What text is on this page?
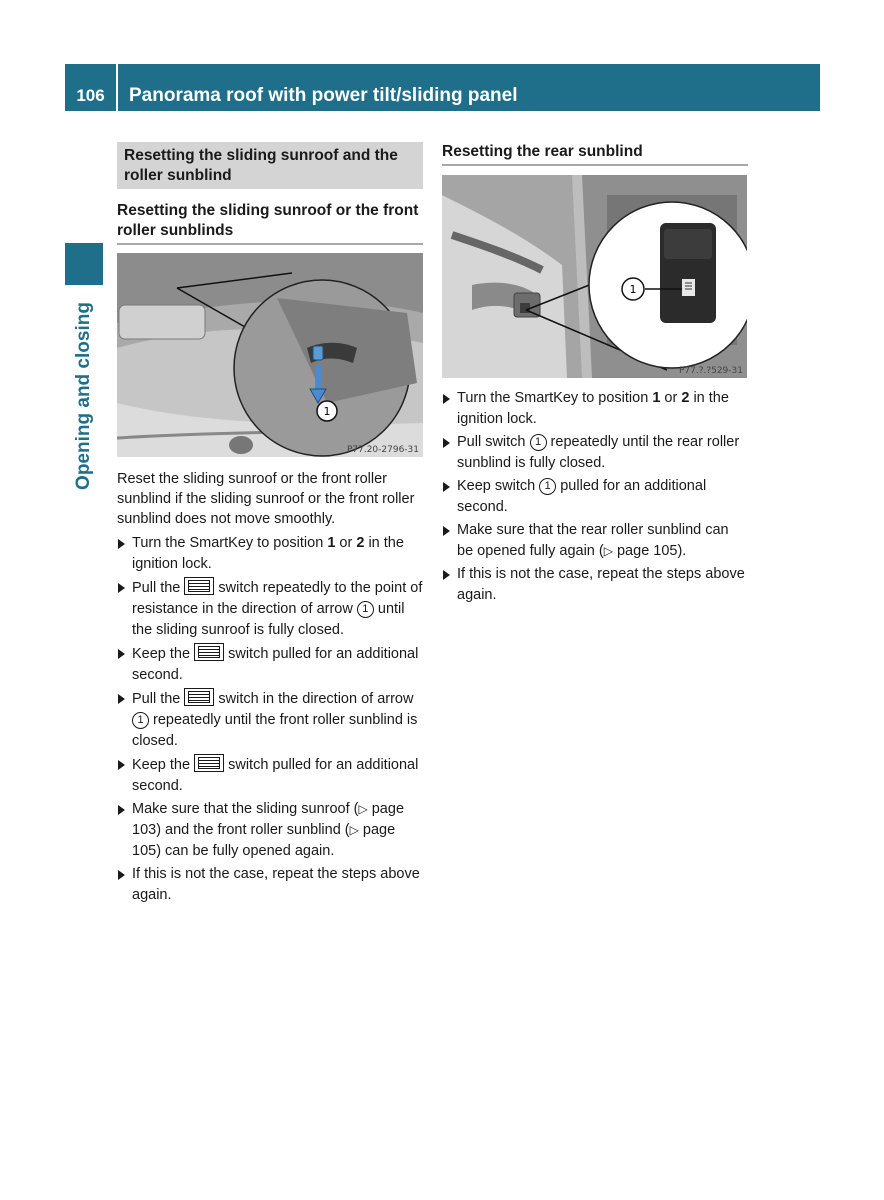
106	Panorama roof with power tilt/sliding panel
Opening and closing
Resetting the sliding sunroof and the roller sunblind
Resetting the sliding sunroof or the front roller sunblinds
1
P77.20-2796-31

Reset the sliding sunroof or the front roller sunblind if the sliding sunroof or the front roller sunblind does not move smoothly.

Turn the SmartKey to position 1 or 2 in the ignition lock.
Pull the
switch repeatedly to the point of resistance in the direction of arrow 1 until the sliding sunroof is fully closed.
Keep the
switch pulled for an additional second.
Pull the
switch in the direction of arrow 1 repeatedly until the front roller sunblind is closed.
Keep the
switch pulled for an additional second.
Make sure that the sliding sunroof (▷ page 103) and the front roller sunblind (▷ page 105) can be fully opened again.
If this is not the case, repeat the steps above again.
Resetting the rear sunblind
1
P77.?.?529-31
Turn the SmartKey to position 1 or 2 in the ignition lock.
Pull switch 1 repeatedly until the rear roller sunblind is fully closed.
Keep switch 1 pulled for an additional second.
Make sure that the rear roller sunblind can be opened fully again (▷ page 105).
If this is not the case, repeat the steps above again.
